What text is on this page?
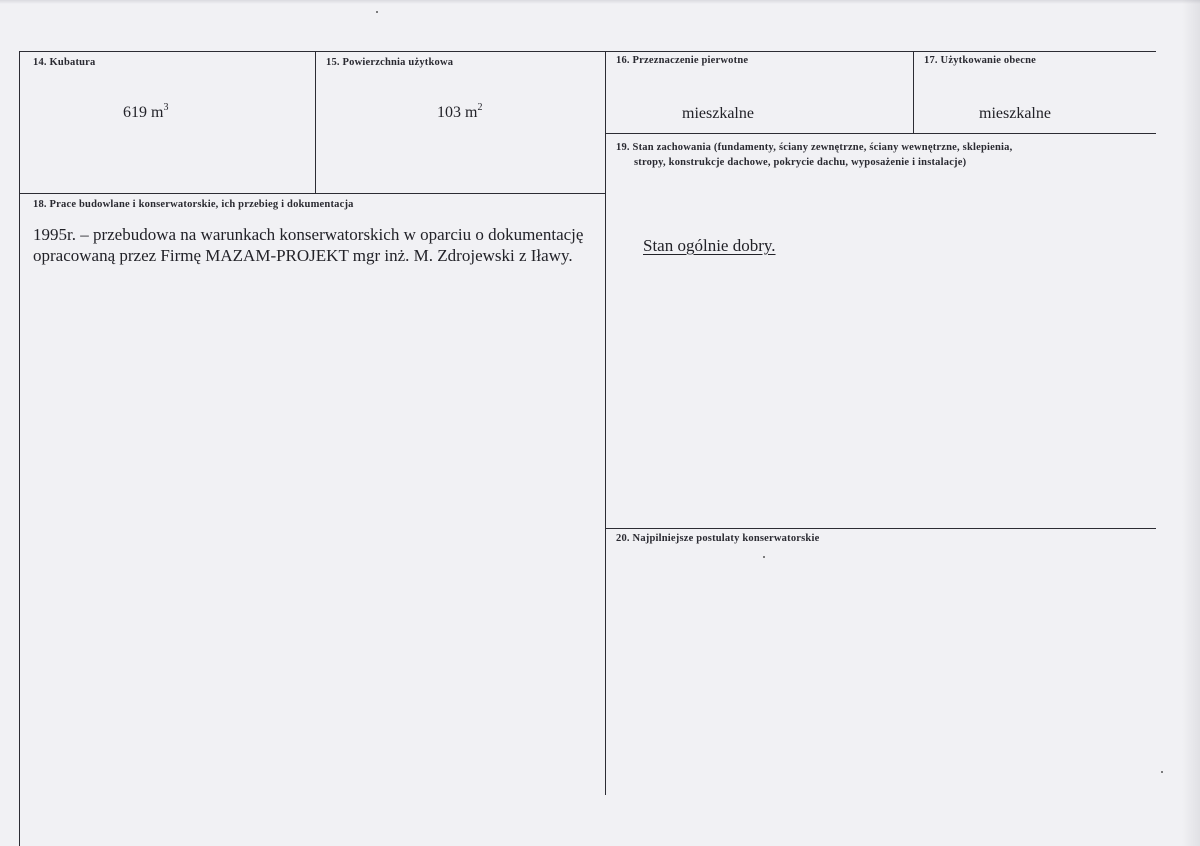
14. Kubatura
619 $m^3$
15. Powierzchnia użytkowa
103 $m^2$
16. Przeznaczenie pierwotne
mieszkalne
17. Użytkowanie obecne
mieszkalne
18. Prace budowlane i konserwatorskie, ich przebieg i dokumentacja
1995r. – przebudowa na warunkach konserwatorskich w oparciu o dokumentację
opracowaną przez Firmę MAZAM-PROJEKT mgr inż. M. Zdrojewski z Iławy.
19. Stan zachowania (fundamenty, ściany zewnętrzne, ściany wewnętrzne, sklepienia,
stropy, konstrukcje dachowe, pokrycie dachu, wyposażenie i instalacje)
Stan ogólnie dobry.
20. Najpilniejsze postulaty konserwatorskie
